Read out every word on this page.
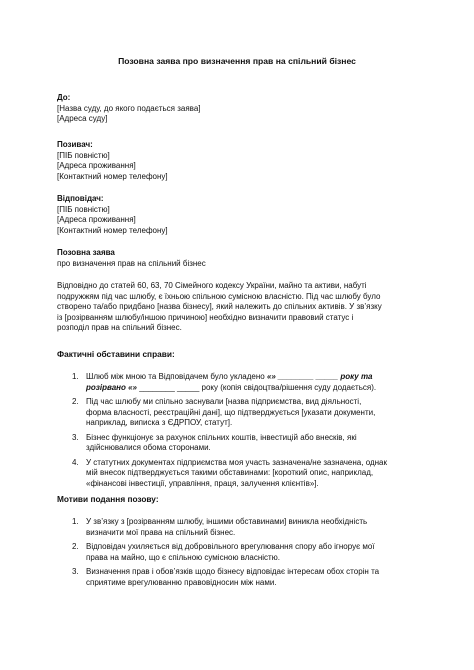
Позовна заява про визначення прав на спільний бізнес
До:
[Назва суду, до якого подається заява]
[Адреса суду]
Позивач:
[ПІБ повністю]
[Адреса проживання]
[Контактний номер телефону]
Відповідач:
[ПІБ повністю]
[Адреса проживання]
[Контактний номер телефону]
Позовна заява
про визначення прав на спільний бізнес
Відповідно до статей 60, 63, 70 Сімейного кодексу України, майно та активи, набуті
подружжям під час шлюбу, є їхньою спільною сумісною власністю. Під час шлюбу було
створено та/або придбано [назва бізнесу], який належить до спільних активів. У зв’язку
із [розірванням шлюбу/іншою причиною] необхідно визначити правовий статус і
розподіл прав на спільний бізнес.
Фактичні обставини справи:
1. Шлюб між мною та Відповідачем було укладено «» ________ _____ року та
розірвано «» ________ _____ року (копія свідоцтва/рішення суду додається).
2. Під час шлюбу ми спільно заснували [назва підприємства, вид діяльності,
форма власності, реєстраційні дані], що підтверджується [указати документи,
наприклад, виписка з ЄДРПОУ, статут].
3. Бізнес функціонує за рахунок спільних коштів, інвестицій або внесків, які
здійснювалися обома сторонами.
4. У статутних документах підприємства моя участь зазначена/не зазначена, однак
мій внесок підтверджується такими обставинами: [короткий опис, наприклад,
«фінансові інвестиції, управління, праця, залучення клієнтів»].
Мотиви подання позову:
1. У зв’язку з [розірванням шлюбу, іншими обставинами] виникла необхідність
визначити мої права на спільний бізнес.
2. Відповідач ухиляється від добровільного врегулювання спору або ігнорує мої
права на майно, що є спільною сумісною власністю.
3. Визначення прав і обов’язків щодо бізнесу відповідає інтересам обох сторін та
сприятиме врегулюванню правовідносин між нами.
